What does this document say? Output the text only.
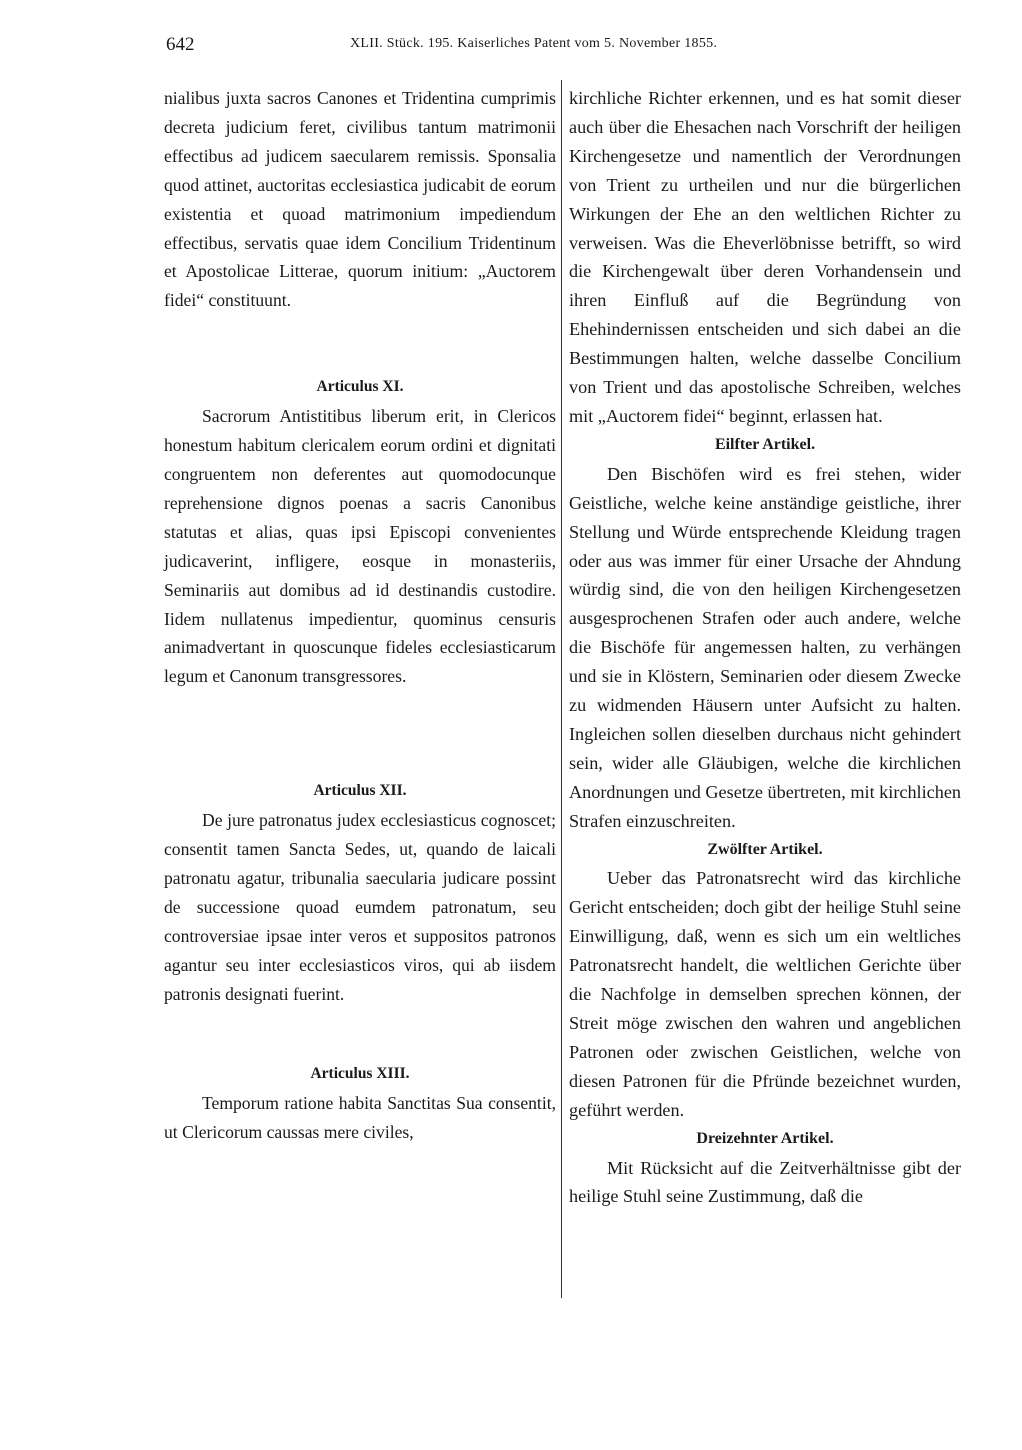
642	XLII. Stück. 195. Kaiserliches Patent vom 5. November 1855.

nialibus juxta sacros Canones et Tridentina cumprimis decreta judicium feret, civilibus tantum matrimonii effectibus ad judicem saecularem remissis. Sponsalia quod attinet, auctoritas ecclesiastica judicabit de eorum existentia et quoad matrimonium impediendum effectibus, servatis quae idem Concilium Tridentinum et Apostolicae Litterae, quorum initium: „Auctorem fidei“ constituunt.

Articulus XI.

Sacrorum Antistitibus liberum erit, in Clericos honestum habitum clericalem eorum ordini et dignitati congruentem non deferentes aut quomodocunque reprehensione dignos poenas a sacris Canonibus statutas et alias, quas ipsi Episcopi convenientes judicaverint, infligere, eosque in monasteriis, Seminariis aut domibus ad id destinandis custodire. Iidem nullatenus impedientur, quominus censuris animadvertant in quoscunque fideles ecclesiasticarum legum et Canonum transgressores.

Articulus XII.

De jure patronatus judex ecclesiasticus cognoscet; consentit tamen Sancta Sedes, ut, quando de laicali patronatu agatur, tribunalia saecularia judicare possint de successione quoad eumdem patronatum, seu controversiae ipsae inter veros et suppositos patronos agantur seu inter ecclesiasticos viros, qui ab iisdem patronis designati fuerint.

Articulus XIII.

Temporum ratione habita Sanctitas Sua consentit, ut Clericorum caussas mere civiles,

kirchliche Richter erkennen, und es hat somit dieser auch über die Ehesachen nach Vorschrift der heiligen Kirchengesetze und namentlich der Verordnungen von Trient zu urtheilen und nur die bürgerlichen Wirkungen der Ehe an den weltlichen Richter zu verweisen. Was die Eheverlöbnisse betrifft, so wird die Kirchengewalt über deren Vorhandensein und ihren Einfluß auf die Begründung von Ehehindernissen entscheiden und sich dabei an die Bestimmungen halten, welche dasselbe Concilium von Trient und das apostolische Schreiben, welches mit „Auctorem fidei“ beginnt, erlassen hat.

Eilfter Artikel.

Den Bischöfen wird es frei stehen, wider Geistliche, welche keine anständige geistliche, ihrer Stellung und Würde entsprechende Kleidung tragen oder aus was immer für einer Ursache der Ahndung würdig sind, die von den heiligen Kirchengesetzen ausgesprochenen Strafen oder auch andere, welche die Bischöfe für angemessen halten, zu verhängen und sie in Klöstern, Seminarien oder diesem Zwecke zu widmenden Häusern unter Aufsicht zu halten. Ingleichen sollen dieselben durchaus nicht gehindert sein, wider alle Gläubigen, welche die kirchlichen Anordnungen und Gesetze übertreten, mit kirchlichen Strafen einzuschreiten.

Zwölfter Artikel.

Ueber das Patronatsrecht wird das kirchliche Gericht entscheiden; doch gibt der heilige Stuhl seine Einwilligung, daß, wenn es sich um ein weltliches Patronatsrecht handelt, die weltlichen Gerichte über die Nachfolge in demselben sprechen können, der Streit möge zwischen den wahren und angeblichen Patronen oder zwischen Geistlichen, welche von diesen Patronen für die Pfründe bezeichnet wurden, geführt werden.

Dreizehnter Artikel.

Mit Rücksicht auf die Zeitverhältnisse gibt der heilige Stuhl seine Zustimmung, daß die
